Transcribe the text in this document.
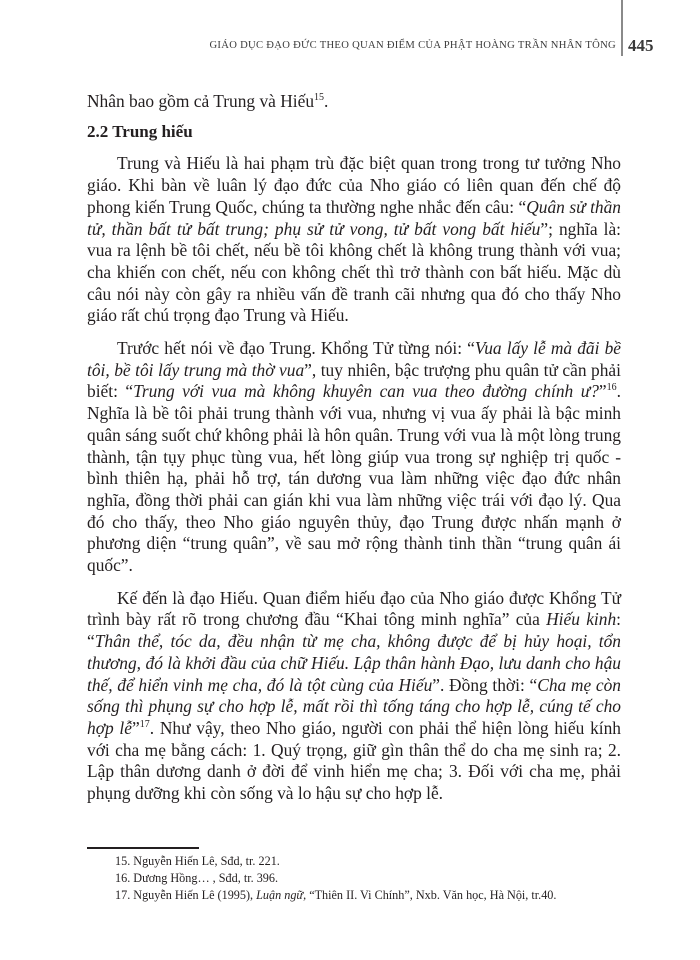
GIÁO DỤC ĐẠO ĐỨC THEO QUAN ĐIỂM CỦA PHẬT HOÀNG TRẦN NHÂN TÔNG 445

Nhân bao gồm cả Trung và Hiếu$^{15}$.

2.2 Trung hiếu

Trung và Hiếu là hai phạm trù đặc biệt quan trong trong tư tưởng Nho giáo. Khi bàn về luân lý đạo đức của Nho giáo có liên quan đến chế độ phong kiến Trung Quốc, chúng ta thường nghe nhắc đến câu: “Quân sử thần tử, thần bất tử bất trung; phụ sử tử vong, tử bất vong bất hiếu”; nghĩa là: vua ra lệnh bề tôi chết, nếu bề tôi không chết là không trung thành với vua; cha khiến con chết, nếu con không chết thì trở thành con bất hiếu. Mặc dù câu nói này còn gây ra nhiều vấn đề tranh cãi nhưng qua đó cho thấy Nho giáo rất chú trọng đạo Trung và Hiếu.

Trước hết nói về đạo Trung. Khổng Tử từng nói: “Vua lấy lễ mà đãi bề tôi, bề tôi lấy trung mà thờ vua”, tuy nhiên, bậc trượng phu quân tử cần phải biết: “Trung với vua mà không khuyên can vua theo đường chính ư?”$^{16}$. Nghĩa là bề tôi phải trung thành với vua, nhưng vị vua ấy phải là bậc minh quân sáng suốt chứ không phải là hôn quân. Trung với vua là một lòng trung thành, tận tụy phục tùng vua, hết lòng giúp vua trong sự nghiệp trị quốc - bình thiên hạ, phải hỗ trợ, tán dương vua làm những việc đạo đức nhân nghĩa, đồng thời phải can gián khi vua làm những việc trái với đạo lý. Qua đó cho thấy, theo Nho giáo nguyên thủy, đạo Trung được nhấn mạnh ở phương diện “trung quân”, về sau mở rộng thành tinh thần “trung quân ái quốc”.

Kế đến là đạo Hiếu. Quan điểm hiếu đạo của Nho giáo được Khổng Tử trình bày rất rõ trong chương đầu “Khai tông minh nghĩa” của Hiếu kinh: “Thân thể, tóc da, đều nhận từ mẹ cha, không được để bị hủy hoại, tổn thương, đó là khởi đầu của chữ Hiếu. Lập thân hành Đạo, lưu danh cho hậu thế, để hiển vinh mẹ cha, đó là tột cùng của Hiếu”. Đồng thời: “Cha mẹ còn sống thì phụng sự cho hợp lễ, mất rồi thì tống táng cho hợp lễ, cúng tế cho hợp lễ”$^{17}$. Như vậy, theo Nho giáo, người con phải thể hiện lòng hiếu kính với cha mẹ bằng cách: 1. Quý trọng, giữ gìn thân thể do cha mẹ sinh ra; 2. Lập thân dương danh ở đời để vinh hiển mẹ cha; 3. Đối với cha mẹ, phải phụng dưỡng khi còn sống và lo hậu sự cho hợp lễ.

15. Nguyễn Hiến Lê, Sđd, tr. 221.
16. Dương Hồng… , Sđd, tr. 396.
17. Nguyễn Hiến Lê (1995), Luận ngữ, “Thiên II. Vi Chính”, Nxb. Văn học, Hà Nội, tr.40.
